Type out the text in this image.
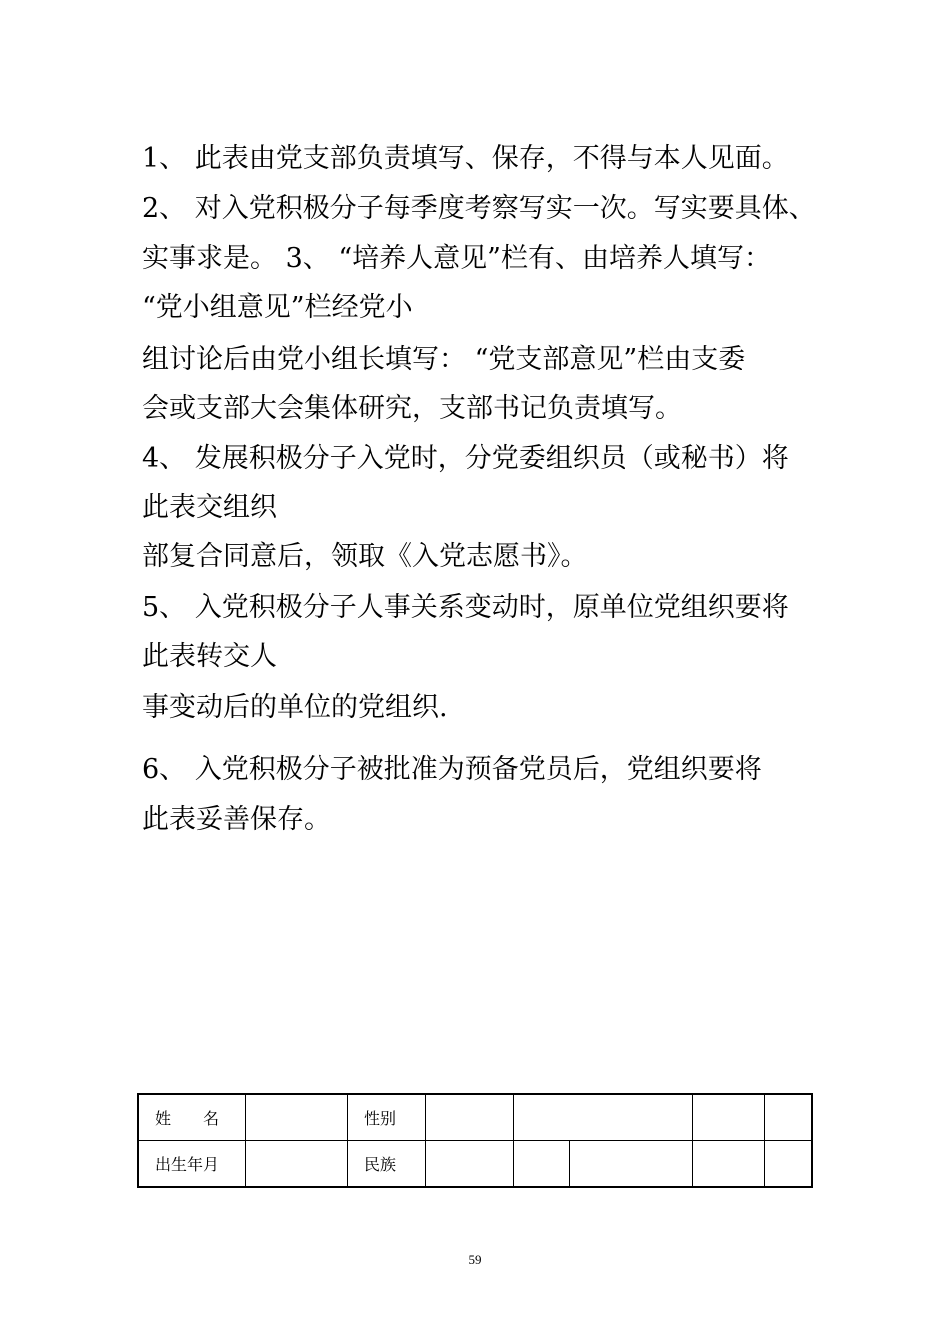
1、 此表由党支部负责填写、保存，不得与本人见面。
2、 对入党积极分子每季度考察写实一次。写实要具体、
实事求是。 3、 “培养人意见”栏有、由培养人填写：
“党小组意见”栏经党小
组讨论后由党小组长填写： “党支部意见”栏由支委
会或支部大会集体研究，支部书记负责填写。
4、 发展积极分子入党时，分党委组织员（或秘书）将
此表交组织
部复合同意后，领取《入党志愿书》。
5、 入党积极分子人事关系变动时，原单位党组织要将
此表转交人
事变动后的单位的党组织.
6、 入党积极分子被批准为预备党员后，党组织要将
此表妥善保存。
姓　　名		性别					
出生年月		民族					
59
